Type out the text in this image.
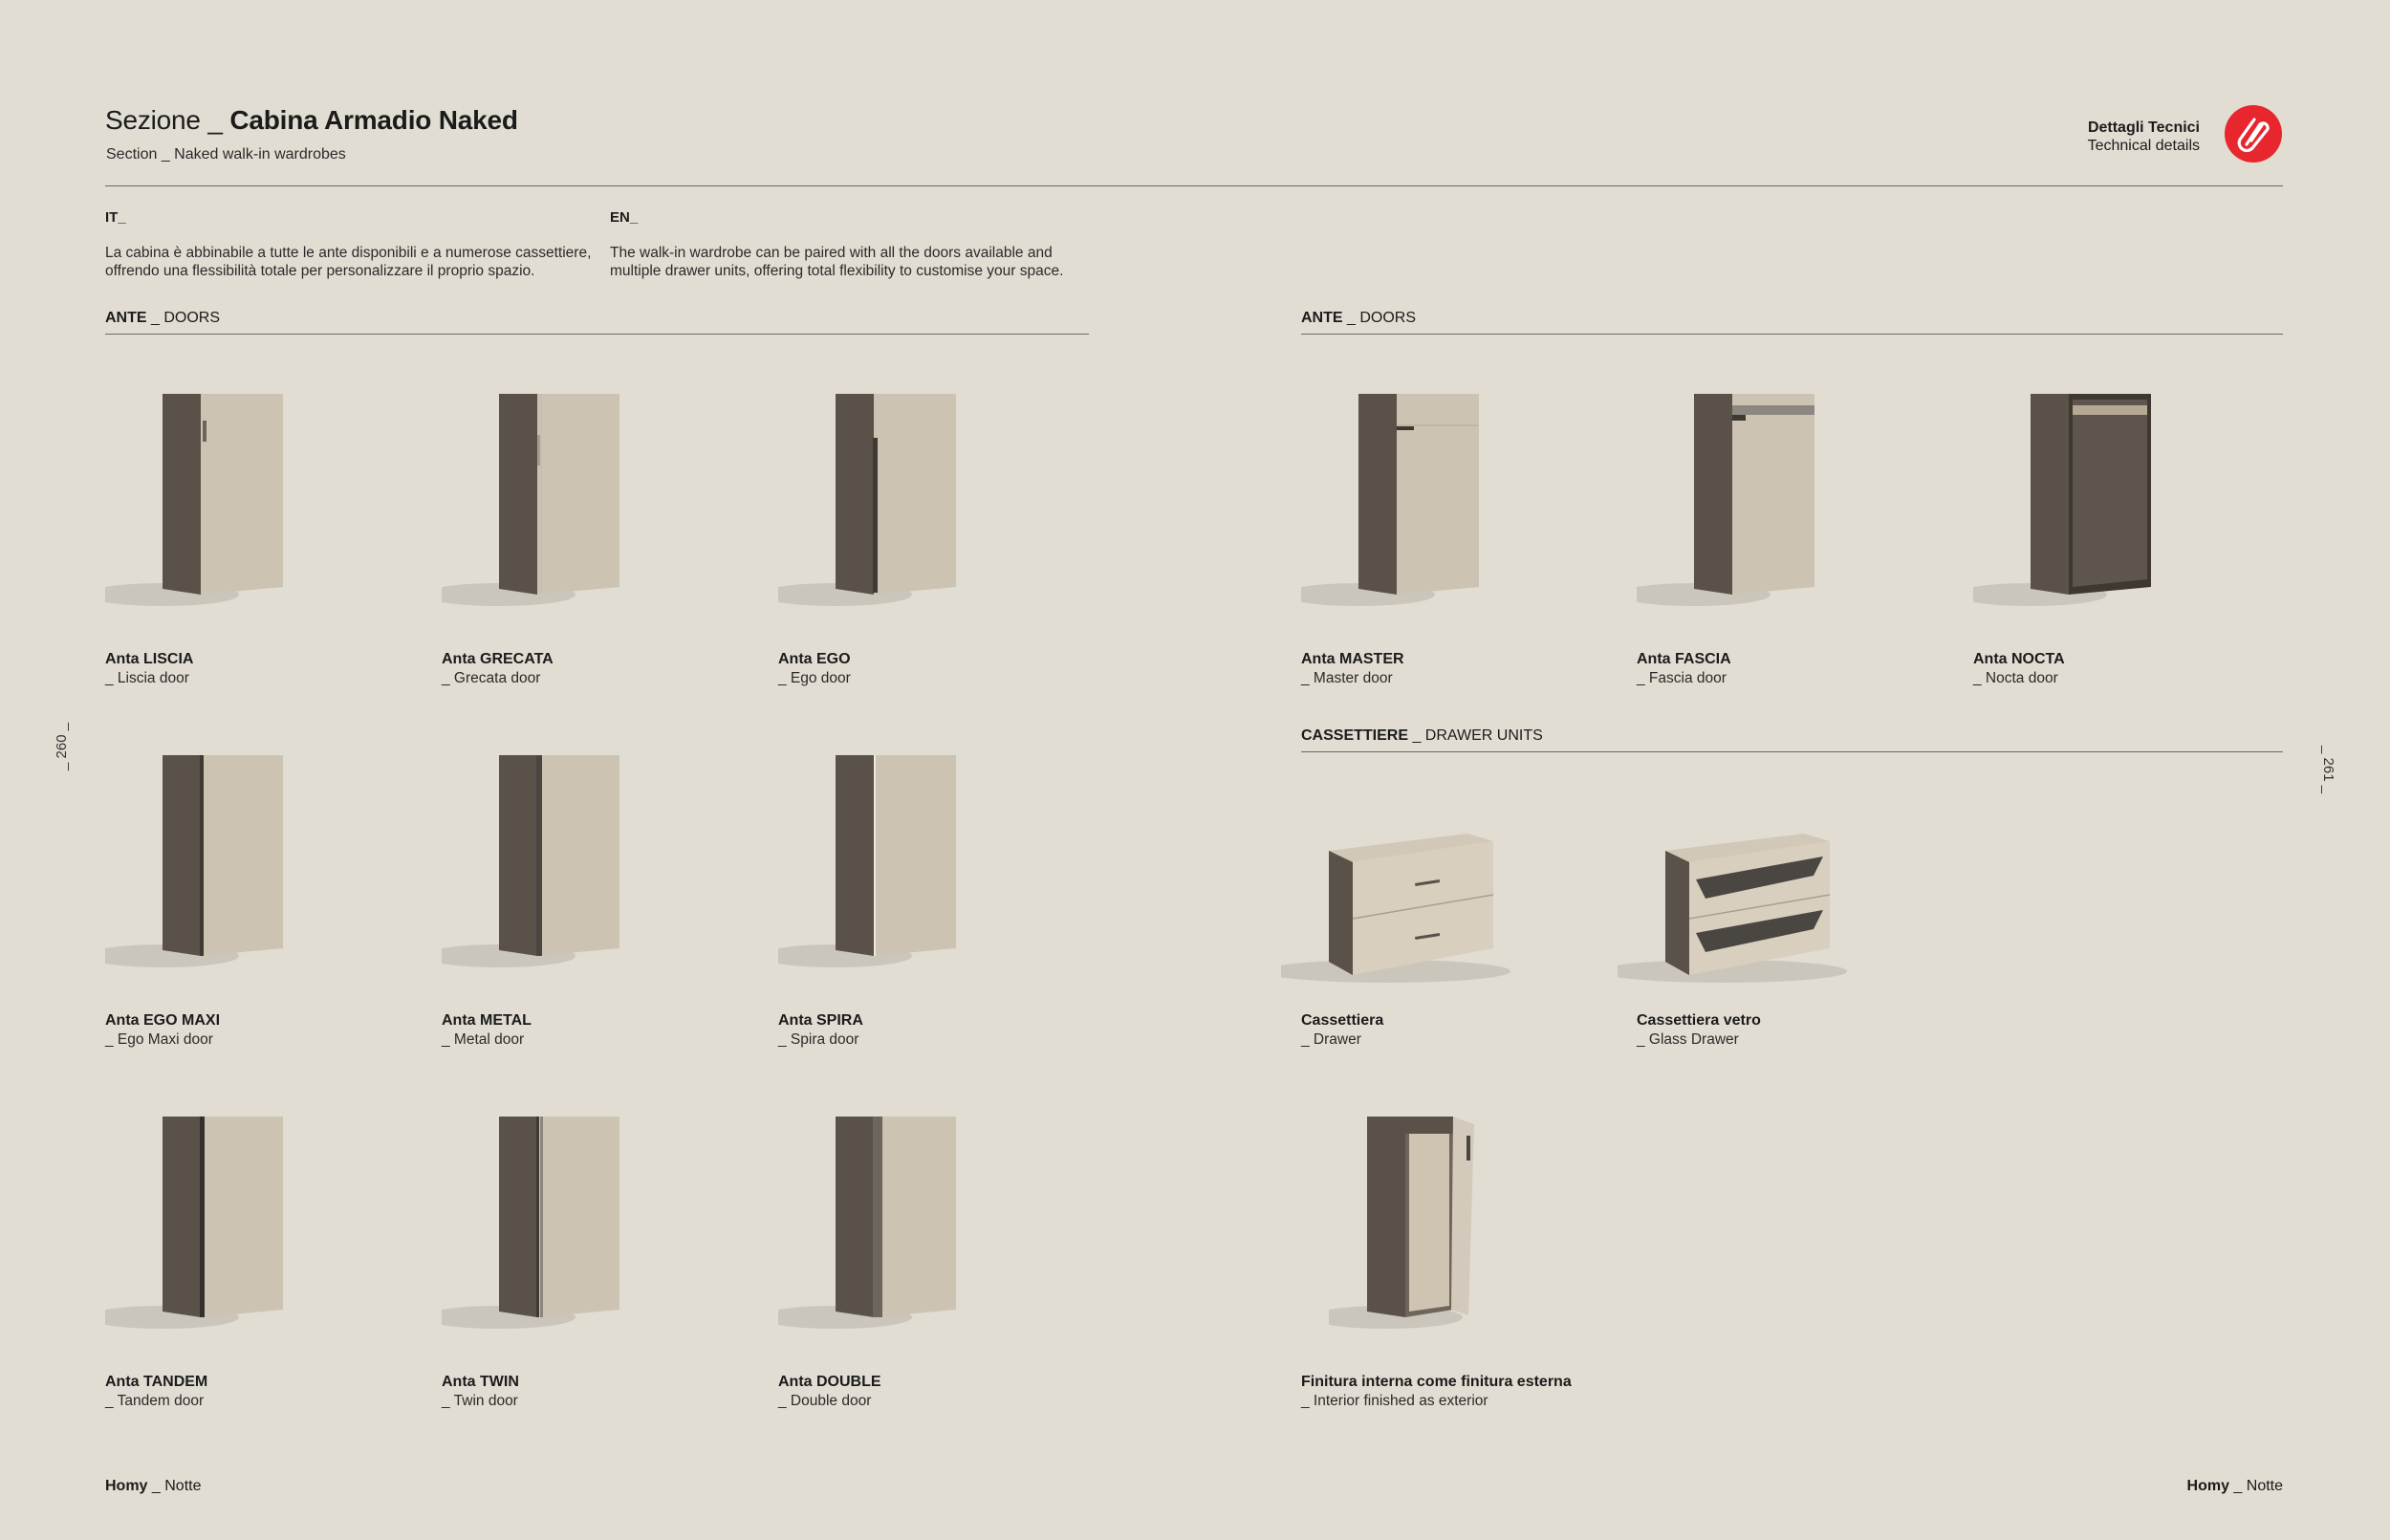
Sezione _ Cabina Armadio Naked
Section _ Naked walk-in wardrobes
Dettagli Tecnici
Technical details
IT_
La cabina è abbinabile a tutte le ante disponibili e a numerose cassettiere, offrendo una flessibilità totale per personalizzare il proprio spazio.
EN_
The walk-in wardrobe can be paired with all the doors available and multiple drawer units, offering total flexibility to customise your space.
ANTE _ DOORS	ANTE _ DOORS
CASSETTIERE _ DRAWER UNITS
Anta LISCIA
_ Liscia door
Anta GRECATA
_ Grecata door
Anta EGO
_ Ego door
Anta EGO MAXI
_ Ego Maxi door
Anta METAL
_ Metal door
Anta SPIRA
_ Spira door
Anta TANDEM
_ Tandem door
Anta TWIN
_ Twin door
Anta DOUBLE
_ Double door
Anta MASTER
_ Master door
Anta FASCIA
_ Fascia door
Anta NOCTA
_ Nocta door
Cassettiera
_ Drawer
Cassettiera vetro
_ Glass Drawer
Finitura interna come finitura esterna
_ Interior finished as exterior
_ 260 _	_ 261 _
Homy _ Notte	Homy _ Notte
